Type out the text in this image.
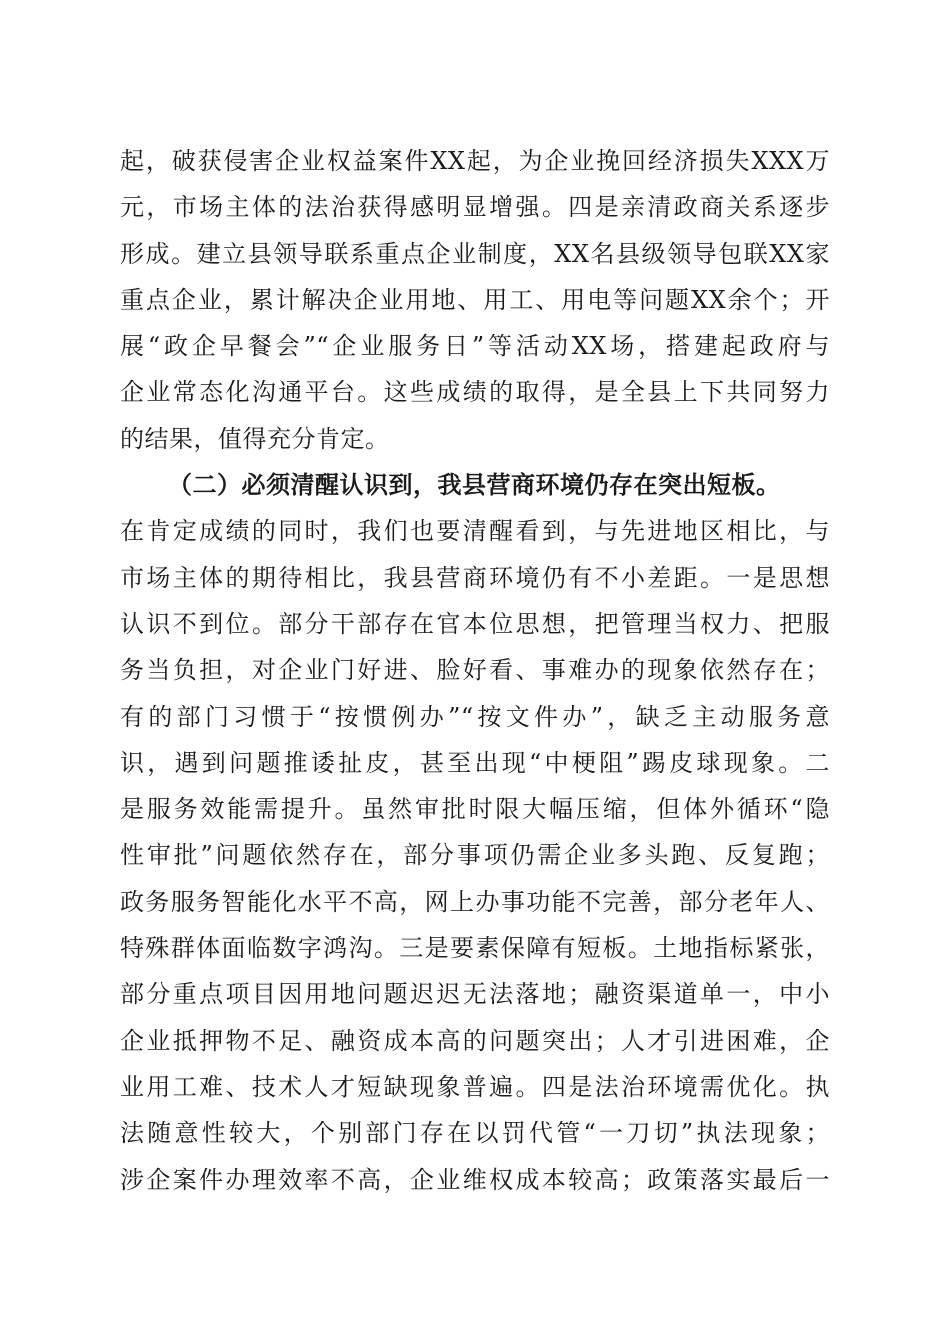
起，破获侵害企业权益案件XX起，为企业挽回经济损失XXX万
元，市场主体的法治获得感明显增强。四是亲清政商关系逐步
形成。建立县领导联系重点企业制度，XX名县级领导包联XX家
重点企业，累计解决企业用地、用工、用电等问题XX余个；开
展“政企早餐会”“企业服务日”等活动XX场，搭建起政府与
企业常态化沟通平台。这些成绩的取得，是全县上下共同努力
的结果，值得充分肯定。
（二）必须清醒认识到，我县营商环境仍存在突出短板。
在肯定成绩的同时，我们也要清醒看到，与先进地区相比，与
市场主体的期待相比，我县营商环境仍有不小差距。一是思想
认识不到位。部分干部存在官本位思想，把管理当权力、把服
务当负担，对企业门好进、脸好看、事难办的现象依然存在；
有的部门习惯于“按惯例办”“按文件办”，缺乏主动服务意
识，遇到问题推诿扯皮，甚至出现“中梗阻”踢皮球现象。二
是服务效能需提升。虽然审批时限大幅压缩，但体外循环“隐
性审批”问题依然存在，部分事项仍需企业多头跑、反复跑；
政务服务智能化水平不高，网上办事功能不完善，部分老年人、
特殊群体面临数字鸿沟。三是要素保障有短板。土地指标紧张，
部分重点项目因用地问题迟迟无法落地；融资渠道单一，中小
企业抵押物不足、融资成本高的问题突出；人才引进困难，企
业用工难、技术人才短缺现象普遍。四是法治环境需优化。执
法随意性较大，个别部门存在以罚代管“一刀切”执法现象；
涉企案件办理效率不高，企业维权成本较高；政策落实最后一
